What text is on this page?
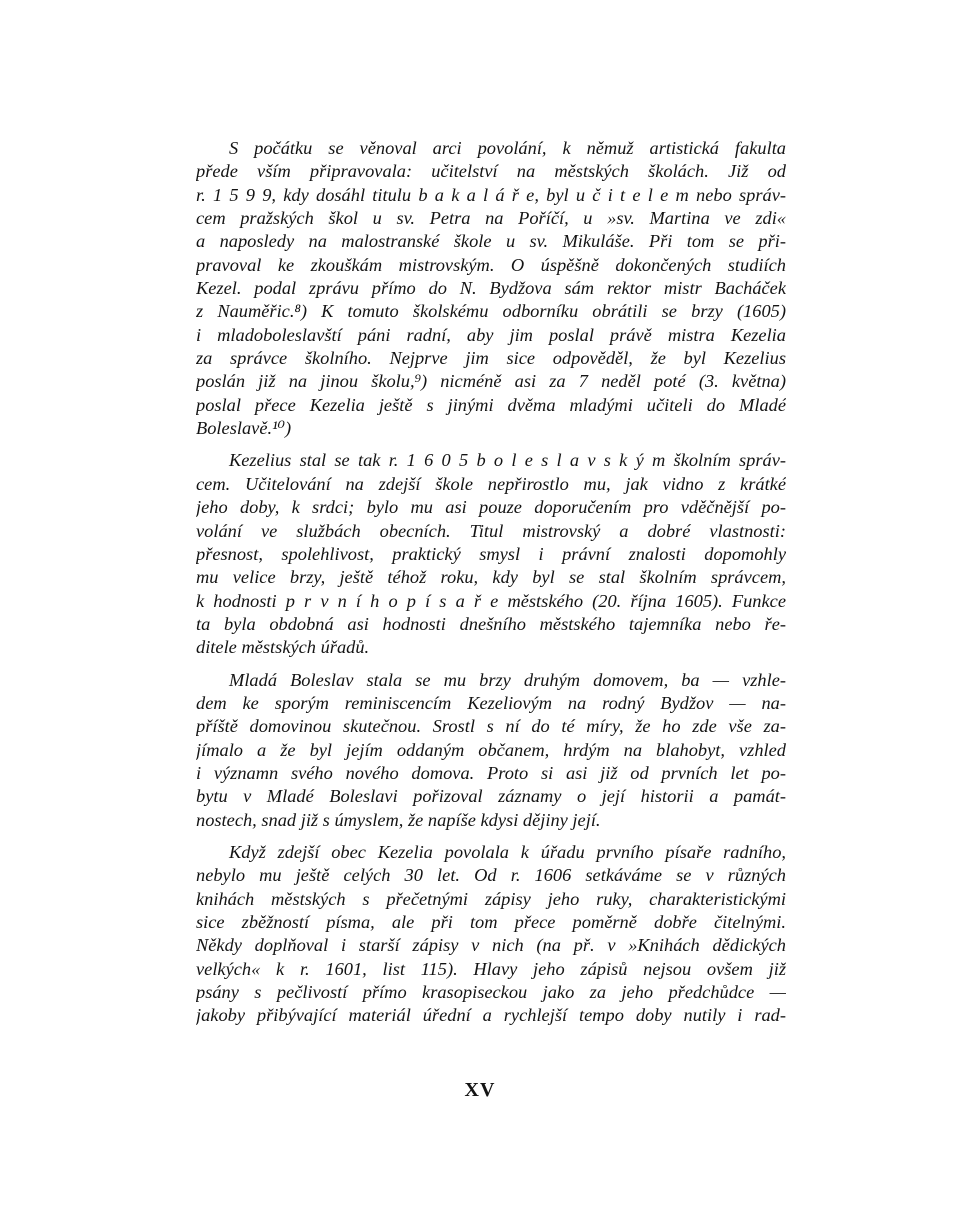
S počátku se věnoval arci povolání, k němuž artistická fakulta
přede vším připravovala: učitelství na městských školách. Již od
r. 1 5 9 9, kdy dosáhl titulu b a k a l á ř e, byl u č i t e l e m nebo správ-
cem pražských škol u sv. Petra na Poříčí, u »sv. Martina ve zdi«
a naposledy na malostranské škole u sv. Mikuláše. Při tom se při-
pravoval ke zkouškám mistrovským. O úspěšně dokončených studiích
Kezel. podal zprávu přímo do N. Bydžova sám rektor mistr Bacháček
z Nauměřic.⁸) K tomuto školskému odborníku obrátili se brzy (1605)
i mladoboleslavští páni radní, aby jim poslal právě mistra Kezelia
za správce školního. Nejprve jim sice odpověděl, že byl Kezelius
poslán již na jinou školu,⁹) nicméně asi za 7 neděl poté (3. května)
poslal přece Kezelia ještě s jinými dvěma mladými učiteli do Mladé
Boleslavě.¹⁰)
Kezelius stal se tak r. 1 6 0 5 b o l e s l a v s k ý m školním správ-
cem. Učitelování na zdejší škole nepřirostlo mu, jak vidno z krátké
jeho doby, k srdci; bylo mu asi pouze doporučením pro vděčnější po-
volání ve službách obecních. Titul mistrovský a dobré vlastnosti:
přesnost, spolehlivost, praktický smysl i právní znalosti dopomohly
mu velice brzy, ještě téhož roku, kdy byl se stal školním správcem,
k hodnosti p r v n í h o p í s a ř e městského (20. října 1605). Funkce
ta byla obdobná asi hodnosti dnešního městského tajemníka nebo ře-
ditele městských úřadů.
Mladá Boleslav stala se mu brzy druhým domovem, ba — vzhle-
dem ke sporým reminiscencím Kezeliovým na rodný Bydžov — na-
příště domovinou skutečnou. Srostl s ní do té míry, že ho zde vše za-
jímalo a že byl jejím oddaným občanem, hrdým na blahobyt, vzhled
i významn svého nového domova. Proto si asi již od prvních let po-
bytu v Mladé Boleslavi pořizoval záznamy o její historii a památ-
nostech, snad již s úmyslem, že napíše kdysi dějiny její.
Když zdejší obec Kezelia povolala k úřadu prvního písaře radního,
nebylo mu ještě celých 30 let. Od r. 1606 setkáváme se v různých
knihách městských s přečetnými zápisy jeho ruky, charakteristickými
sice zběžností písma, ale při tom přece poměrně dobře čitelnými.
Někdy doplňoval i starší zápisy v nich (na př. v »Knihách dědických
velkých« k r. 1601, list 115). Hlavy jeho zápisů nejsou ovšem již
psány s pečlivostí přímo krasopiseckou jako za jeho předchůdce —
jakoby přibývající materiál úřední a rychlejší tempo doby nutily i rad-
XV
